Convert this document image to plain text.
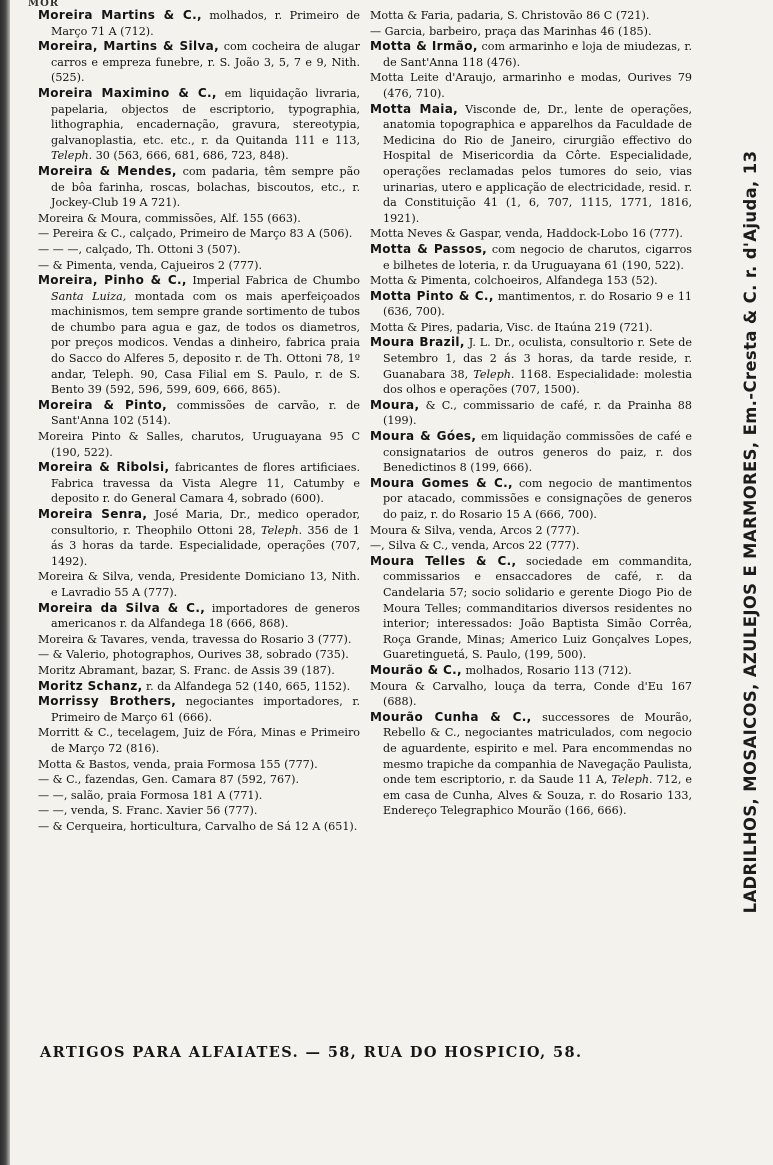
MOR

Moreira Martins & C., molhados, r. Primeiro de Março 71 A (712).

Moreira, Martins & Silva, com cocheira de alugar carros e empreza funebre, r. S. João 3, 5, 7 e 9, Nith. (525).

Moreira Maximino & C., em liquidação livraria, papelaria, objectos de escriptorio, typographia, lithographia, encadernação, gravura, stereotypia, galvanoplastia, etc. etc., r. da Quitanda 111 e 113, Teleph. 30 (563, 666, 681, 686, 723, 848).

Moreira & Mendes, com padaria, têm sempre pão de bôa farinha, roscas, bolachas, biscoutos, etc., r. Jockey-Club 19 A 721).

Moreira & Moura, commissões, Alf. 155 (663).

— Pereira & C., calçado, Primeiro de Março 83 A (506).

— — —, calçado, Th. Ottoni 3 (507).

— & Pimenta, venda, Cajueiros 2 (777).

Moreira, Pinho & C., Imperial Fabrica de Chumbo Santa Luiza, montada com os mais aperfeiçoados machinismos, tem sempre grande sortimento de tubos de chumbo para agua e gaz, de todos os diametros, por preços modicos. Vendas a dinheiro, fabrica praia do Sacco do Alferes 5, deposito r. de Th. Ottoni 78, 1º andar, Teleph. 90, Casa Filial em S. Paulo, r. de S. Bento 39 (592, 596, 599, 609, 666, 865).

Moreira & Pinto, commissões de carvão, r. de Sant'Anna 102 (514).

Moreira Pinto & Salles, charutos, Uruguayana 95 C (190, 522).

Moreira & Ribolsi, fabricantes de flores artificiaes. Fabrica travessa da Vista Alegre 11, Catumby e deposito r. do General Camara 4, sobrado (600).

Moreira Senra, José Maria, Dr., medico operador, consultorio, r. Theophilo Ottoni 28, Teleph. 356 de 1 ás 3 horas da tarde. Especialidade, operações (707, 1492).

Moreira & Silva, venda, Presidente Domiciano 13, Nith. e Lavradio 55 A (777).

Moreira da Silva & C., importadores de generos americanos r. da Alfandega 18 (666, 868).

Moreira & Tavares, venda, travessa do Rosario 3 (777).

— & Valerio, photographos, Ourives 38, sobrado (735).

Moritz Abramant, bazar, S. Franc. de Assis 39 (187).

Moritz Schanz, r. da Alfandega 52 (140, 665, 1152).

Morrissy Brothers, negociantes importadores, r. Primeiro de Março 61 (666).

Morritt & C., tecelagem, Juiz de Fóra, Minas e Primeiro de Março 72 (816).

Motta & Bastos, venda, praia Formosa 155 (777).

— & C., fazendas, Gen. Camara 87 (592, 767).

— —, salão, praia Formosa 181 A (771).

— —, venda, S. Franc. Xavier 56 (777).

— & Cerqueira, horticultura, Carvalho de Sá 12 A (651).

Motta & Faria, padaria, S. Christovão 86 C (721).

— Garcia, barbeiro, praça das Marinhas 46 (185).

Motta & Irmão, com armarinho e loja de miudezas, r. de Sant'Anna 118 (476).

Motta Leite d'Araujo, armarinho e modas, Ourives 79 (476, 710).

Motta Maia, Visconde de, Dr., lente de operações, anatomia topographica e apparelhos da Faculdade de Medicina do Rio de Janeiro, cirurgião effectivo do Hospital de Misericordia da Côrte. Especialidade, operações reclamadas pelos tumores do seio, vias urinarias, utero e applicação de electricidade, resid. r. da Constituição 41 (1, 6, 707, 1115, 1771, 1816, 1921).

Motta Neves & Gaspar, venda, Haddock-Lobo 16 (777).

Motta & Passos, com negocio de charutos, cigarros e bilhetes de loteria, r. da Uruguayana 61 (190, 522).

Motta & Pimenta, colchoeiros, Alfandega 153 (52).

Motta Pinto & C., mantimentos, r. do Rosario 9 e 11 (636, 700).

Motta & Pires, padaria, Visc. de Itaúna 219 (721).

Moura Brazil, J. L. Dr., oculista, consultorio r. Sete de Setembro 1, das 2 ás 3 horas, da tarde reside, r. Guanabara 38, Teleph. 1168. Especialidade: molestia dos olhos e operações (707, 1500).

Moura, & C., commissario de café, r. da Prainha 88 (199).

Moura & Góes, em liquidação commissões de café e consignatarios de outros generos do paiz, r. dos Benedictinos 8 (199, 666).

Moura Gomes & C., com negocio de mantimentos por atacado, commissões e consignações de generos do paiz, r. do Rosario 15 A (666, 700).

Moura & Silva, venda, Arcos 2 (777).

—, Silva & C., venda, Arcos 22 (777).

Moura Telles & C., sociedade em commandita, commissarios e ensaccadores de café, r. da Candelaria 57; socio solidario e gerente Diogo Pio de Moura Telles; commanditarios diversos residentes no interior; interessados: João Baptista Simão Corrêa, Roça Grande, Minas; Americo Luiz Gonçalves Lopes, Guaretinguetá, S. Paulo, (199, 500).

Mourão & C., molhados, Rosario 113 (712).

Moura & Carvalho, louça da terra, Conde d'Eu 167 (688).

Mourão Cunha & C., successores de Mourão, Rebello & C., negociantes matriculados, com negocio de aguardente, espirito e mel. Para encommendas no mesmo trapiche da companhia de Navegação Paulista, onde tem escriptorio, r. da Saude 11 A, Teleph. 712, e em casa de Cunha, Alves & Souza, r. do Rosario 133, Endereço Telegraphico Mourão (166, 666).	LADRILHOS, MOSAICOS, AZULEJOS E MARMORES, Em.-Cresta & C. r. d'Ajuda, 13
ARTIGOS PARA ALFAIATES. — 58, RUA DO HOSPICIO, 58.
